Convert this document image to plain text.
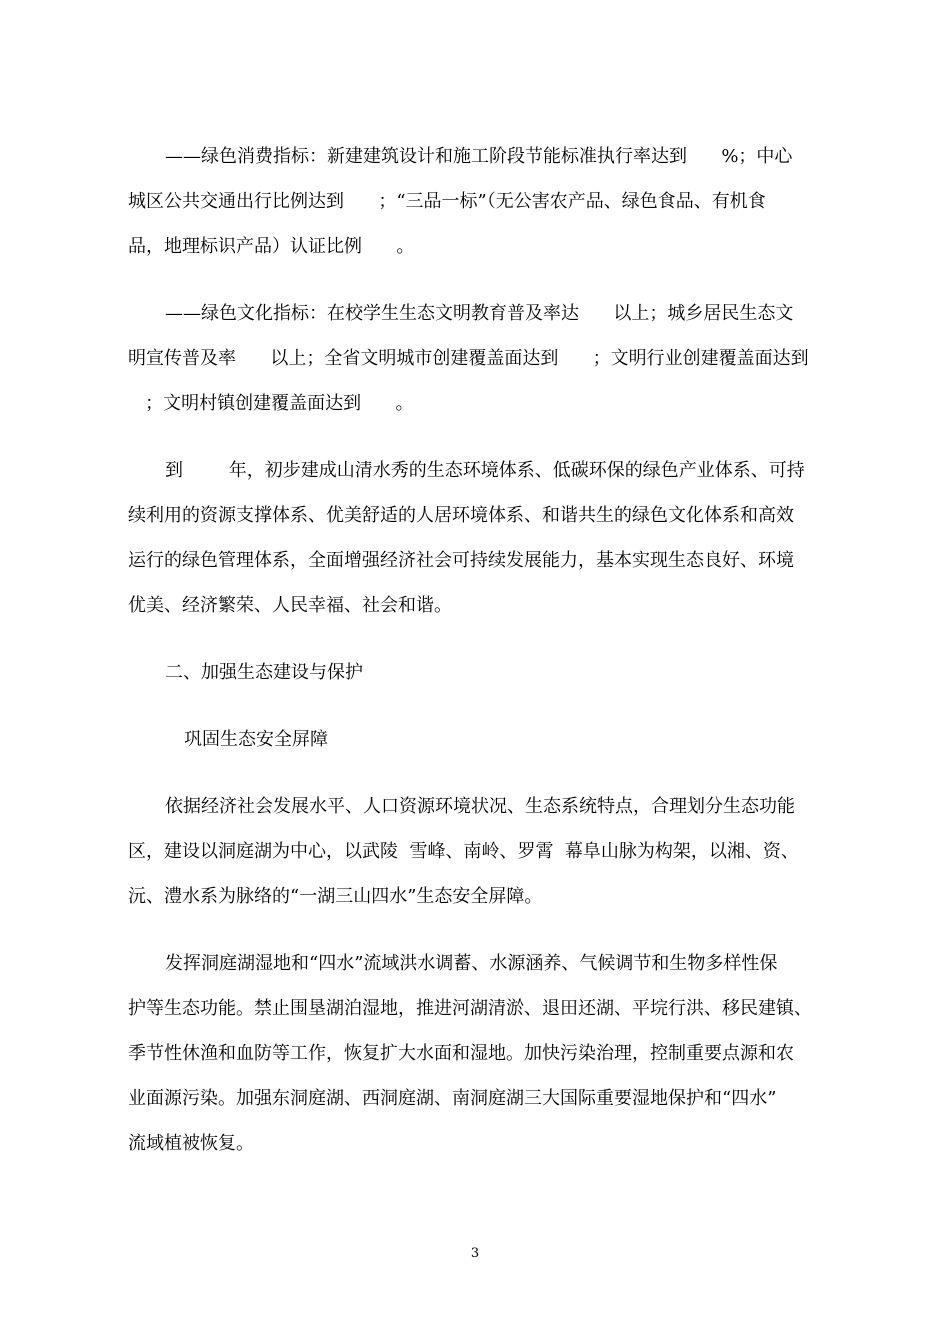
——绿色消费指标：新建建筑设计和施工阶段节能标准执行率达到      %；中心
城区公共交通出行比例达到      ；“三品一标”（无公害农产品、绿色食品、有机食
品，地理标识产品）认证比例      。
——绿色文化指标：在校学生生态文明教育普及率达      以上；城乡居民生态文
明宣传普及率      以上；全省文明城市创建覆盖面达到      ；文明行业创建覆盖面达到
；文明村镇创建覆盖面达到      。
到        年，初步建成山清水秀的生态环境体系、低碳环保的绿色产业体系、可持
续利用的资源支撑体系、优美舒适的人居环境体系、和谐共生的绿色文化体系和高效
运行的绿色管理体系，全面增强经济社会可持续发展能力，基本实现生态良好、环境
优美、经济繁荣、人民幸福、社会和谐。
二、加强生态建设与保护
巩固生态安全屏障
依据经济社会发展水平、人口资源环境状况、生态系统特点，合理划分生态功能
区，建设以洞庭湖为中心，以武陵  雪峰、南岭、罗霄  幕阜山脉为构架，以湘、资、
沅、澧水系为脉络的“一湖三山四水”生态安全屏障。
发挥洞庭湖湿地和“四水”流域洪水调蓄、水源涵养、气候调节和生物多样性保
护等生态功能。禁止围垦湖泊湿地，推进河湖清淤、退田还湖、平垸行洪、移民建镇、
季节性休渔和血防等工作，恢复扩大水面和湿地。加快污染治理，控制重要点源和农
业面源污染。加强东洞庭湖、西洞庭湖、南洞庭湖三大国际重要湿地保护和“四水”
流域植被恢复。
3
